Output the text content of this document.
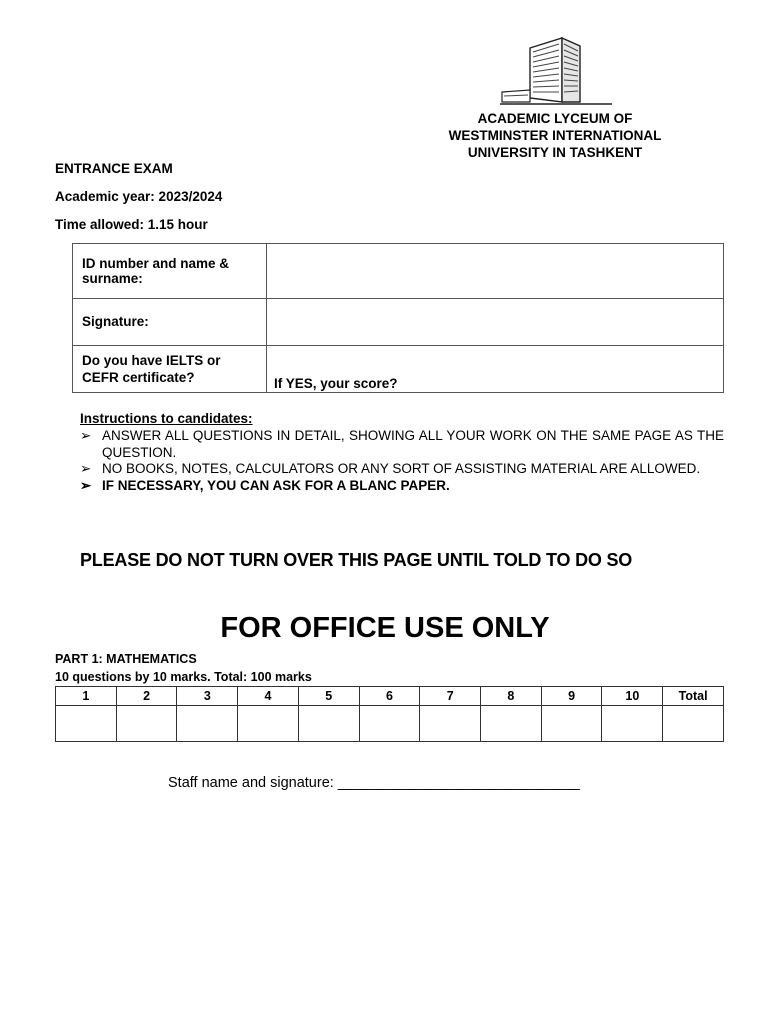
ACADEMIC LYCEUM OF
WESTMINSTER INTERNATIONAL
UNIVERSITY IN TASHKENT
ENTRANCE EXAM
Academic year: 2023/2024
Time allowed: 1.15 hour
ID number and name &
surname:	

Signature:	

Do you have IELTS or
CEFR certificate?	If YES, your score?
Instructions to candidates:
➢ ANSWER ALL QUESTIONS IN DETAIL, SHOWING ALL YOUR WORK ON THE SAME PAGE AS THE QUESTION.
➢ NO BOOKS, NOTES, CALCULATORS OR ANY SORT OF ASSISTING MATERIAL ARE ALLOWED.
➢ IF NECESSARY, YOU CAN ASK FOR A BLANC PAPER.
PLEASE DO NOT TURN OVER THIS PAGE UNTIL TOLD TO DO SO
FOR OFFICE USE ONLY
PART 1: MATHEMATICS
10 questions by 10 marks. Total: 100 marks
1	2	3	4	5	6	7	8	9	10	Total

Staff name and signature: ______________________________
